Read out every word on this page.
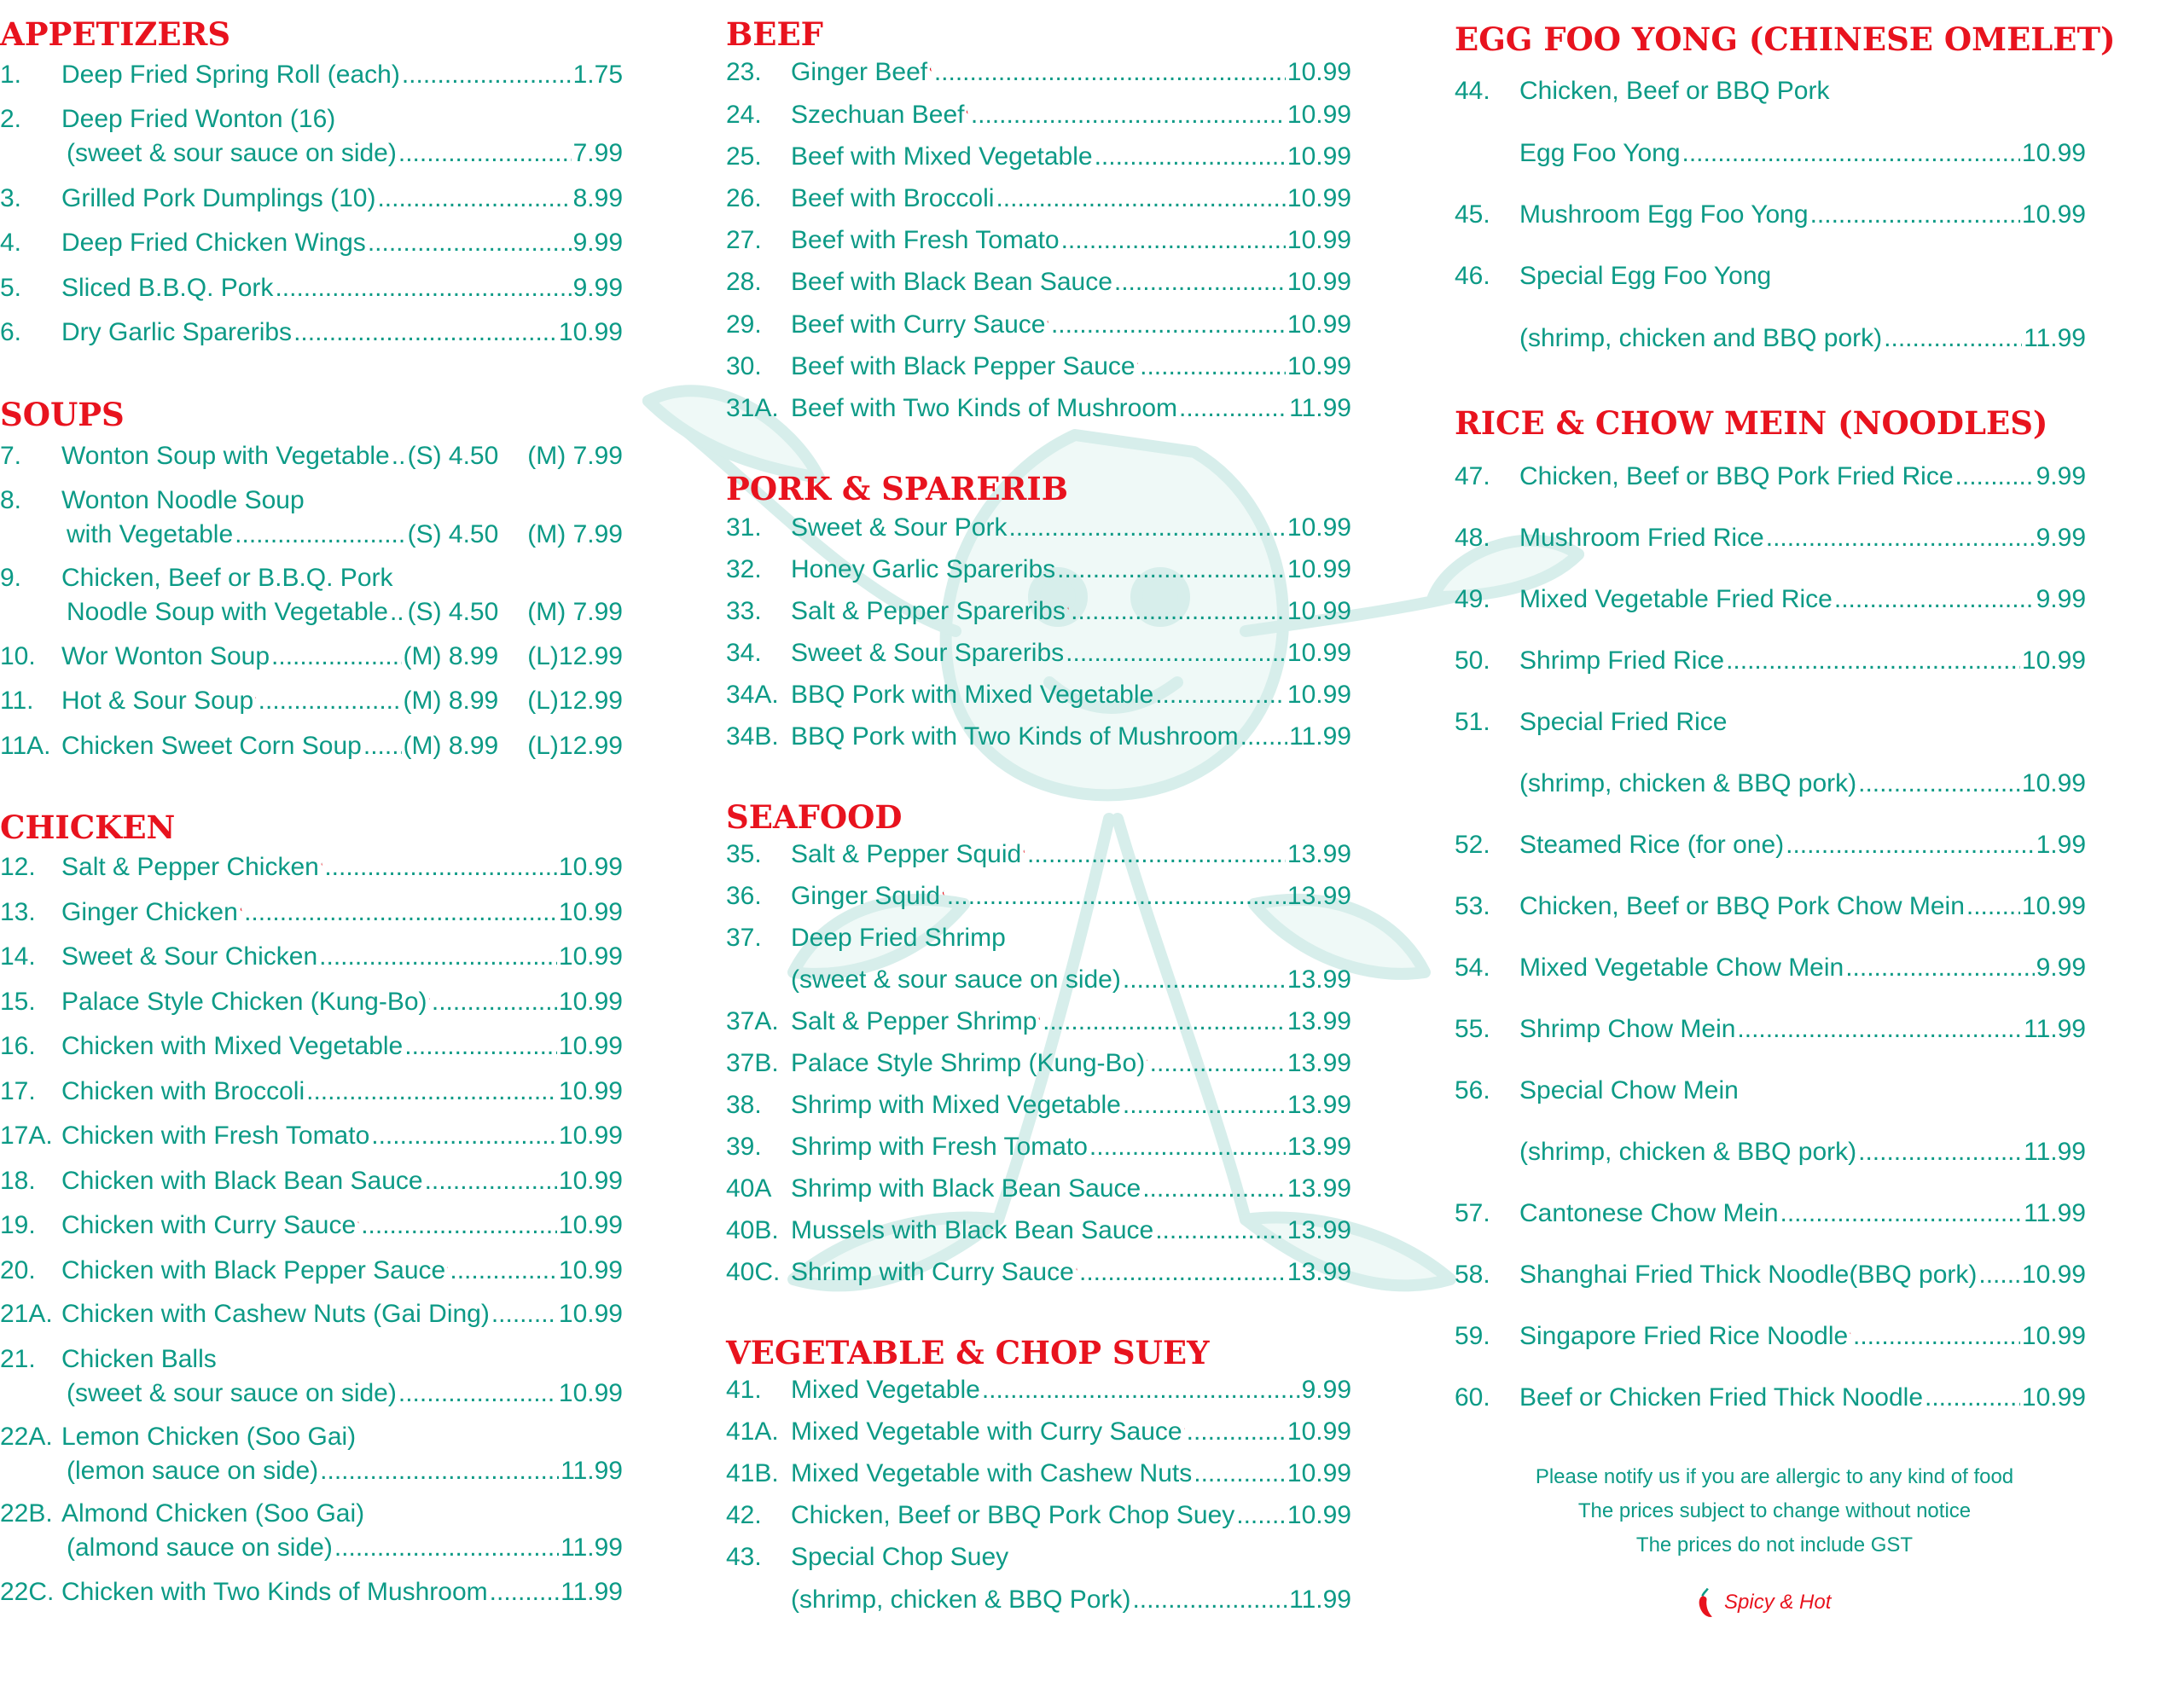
APPETIZERS
1.	Deep Fried Spring Roll (each) .....	1.75
2.	Deep Fried Wonton (16)
(sweet & sour sauce on side) .....	7.99
3.	Grilled Pork Dumplings (10) .....	8.99
4.	Deep Fried Chicken Wings .....	9.99
5.	Sliced B.B.Q. Pork .....	9.99
6.	Dry Garlic Spareribs .....	10.99
SOUPS
7.	Wonton Soup with Vegetable ..... (S) 4.50 (M) 7.99
8.	Wonton Noodle Soup
with Vegetable .....	(S) 4.50 (M) 7.99
9.	Chicken, Beef or B.B.Q. Pork
Noodle Soup with Vegetable ..... (S) 4.50 (M) 7.99
10.	Wor Wonton Soup .....	(M) 8.99 (L)12.99
11.	Hot & Sour Soup .....	(M) 8.99 (L)12.99
11A. Chicken Sweet Corn Soup ..... (M) 8.99 (L)12.99
CHICKEN
12.	Salt & Pepper Chicken .....	10.99
13.	Ginger Chicken .....	10.99
14.	Sweet & Sour Chicken .....	10.99
15.	Palace Style Chicken (Kung-Bo) .....	10.99
16.	Chicken with Mixed Vegetable .....	10.99
17.	Chicken with Broccoli .....	10.99
17A. Chicken with Fresh Tomato .....	10.99
18.	Chicken with Black Bean Sauce .....	10.99
19.	Chicken with Curry Sauce .....	10.99
20.	Chicken with Black Pepper Sauce .....	10.99
21A. Chicken with Cashew Nuts (Gai Ding) .....	10.99
21.	Chicken Balls
(sweet & sour sauce on side) .....	10.99
22A. Lemon Chicken (Soo Gai)
(lemon sauce on side) .....	11.99
22B. Almond Chicken (Soo Gai)
(almond sauce on side) .....	11.99
22C. Chicken with Two Kinds of Mushroom .....	11.99
BEEF
23.	Ginger Beef .....	10.99
24.	Szechuan Beef .....	10.99
25.	Beef with Mixed Vegetable .....	10.99
26.	Beef with Broccoli .....	10.99
27.	Beef with Fresh Tomato .....	10.99
28.	Beef with Black Bean Sauce .....	10.99
29.	Beef with Curry Sauce .....	10.99
30.	Beef with Black Pepper Sauce .....	10.99
31A. Beef with Two Kinds of Mushroom .....	11.99
PORK & SPARERIB
31.	Sweet & Sour Pork .....	10.99
32.	Honey Garlic Spareribs .....	10.99
33.	Salt & Pepper Spareribs .....	10.99
34.	Sweet & Sour Spareribs .....	10.99
34A. BBQ Pork with Mixed Vegetable .....	10.99
34B. BBQ Pork with Two Kinds of Mushroom ..... 11.99
SEAFOOD
35.	Salt & Pepper Squid .....	13.99
36.	Ginger Squid .....	13.99
37.	Deep Fried Shrimp
(sweet & sour sauce on side) .....	13.99
37A. Salt & Pepper Shrimp .....	13.99
37B. Palace Style Shrimp (Kung-Bo) .....	13.99
38.	Shrimp with Mixed Vegetable .....	13.99
39.	Shrimp with Fresh Tomato .....	13.99
40A Shrimp with Black Bean Sauce .....	13.99
40B. Mussels with Black Bean Sauce .....	13.99
40C. Shrimp with Curry Sauce .....	13.99
VEGETABLE & CHOP SUEY
41.	Mixed Vegetable .....	9.99
41A. Mixed Vegetable with Curry Sauce .....	10.99
41B. Mixed Vegetable with Cashew Nuts .....	10.99
42.	Chicken, Beef or BBQ Pork Chop Suey ..... 10.99
43.	Special Chop Suey
(shrimp, chicken & BBQ Pork) .....	11.99
EGG FOO YONG (CHINESE OMELET)
44.	Chicken, Beef or BBQ Pork
Egg Foo Yong .....	10.99
45.	Mushroom Egg Foo Yong .....	10.99
46.	Special Egg Foo Yong
(shrimp, chicken and BBQ pork) .....	11.99
RICE & CHOW MEIN (NOODLES)
47.	Chicken, Beef or BBQ Pork Fried Rice .....	9.99
48.	Mushroom Fried Rice .....	9.99
49.	Mixed Vegetable Fried Rice .....	9.99
50.	Shrimp Fried Rice .....	10.99
51.	Special Fried Rice
(shrimp, chicken & BBQ pork) .....	10.99
52.	Steamed Rice (for one) .....	1.99
53.	Chicken, Beef or BBQ Pork Chow Mein ..... 10.99
54.	Mixed Vegetable Chow Mein .....	9.99
55.	Shrimp Chow Mein .....	11.99
56.	Special Chow Mein
(shrimp, chicken & BBQ pork) .....	11.99
57.	Cantonese Chow Mein .....	11.99
58.	Shanghai Fried Thick Noodle(BBQ pork) ..... 10.99
59.	Singapore Fried Rice Noodle .....	10.99
60.	Beef or Chicken Fried Thick Noodle .....	10.99
Please notify us if you are allergic to any kind of food
The prices subject to change without notice
The prices do not include GST
Spicy & Hot
